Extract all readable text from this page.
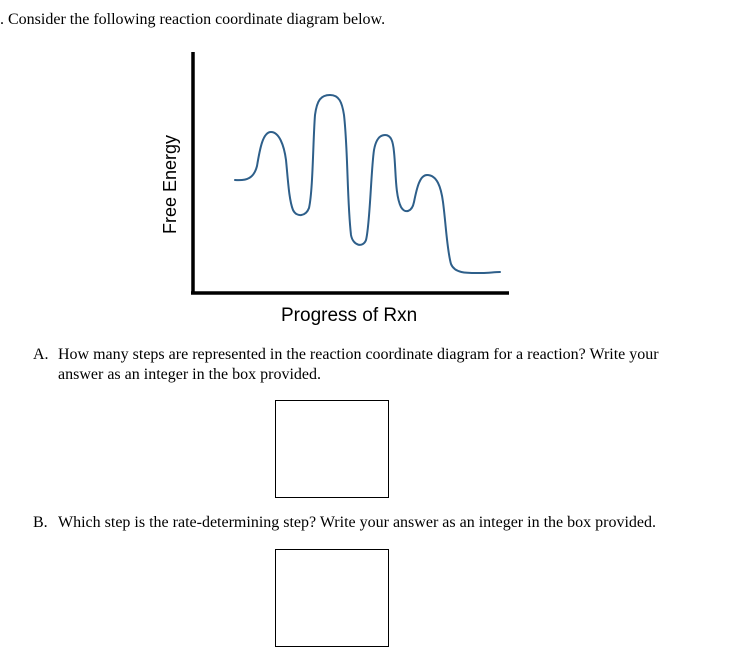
. Consider the following reaction coordinate diagram below.
Free Energy
Progress of Rxn
A. How many steps are represented in the reaction coordinate diagram for a reaction? Write your
answer as an integer in the box provided.
B. Which step is the rate-determining step? Write your answer as an integer in the box provided.
